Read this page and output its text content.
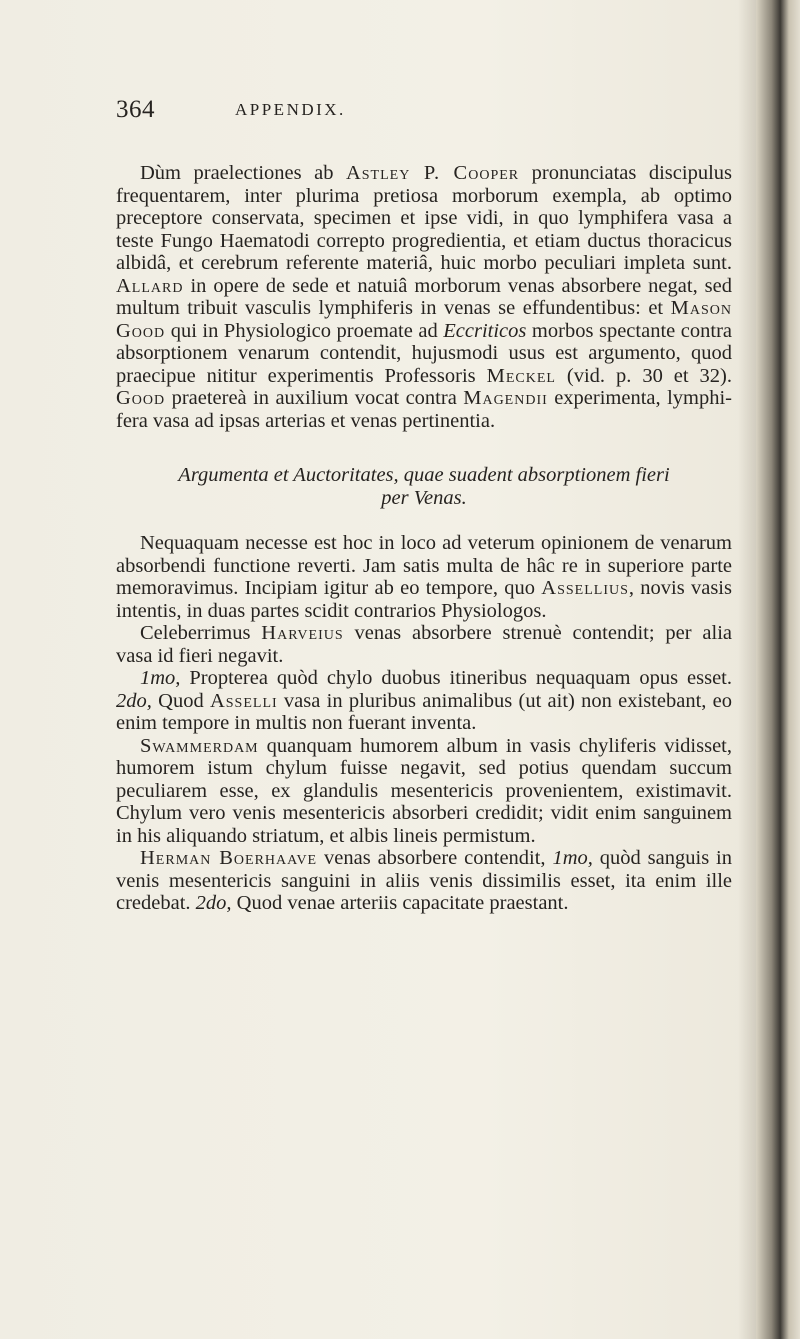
364	APPENDIX.

Dùm praelectiones ab Astley P. Cooper pronunciatas discipulus frequentarem, inter plurima pretiosa morborum exempla, ab optimo preceptore conservata, specimen et ipse vidi, in quo lymphifera vasa a teste Fungo Haematodi correpto progredientia, et etiam ductus thoracicus albidâ, et cerebrum referente materiâ, huic morbo peculiari impleta sunt. Allard in opere de sede et natuiâ morborum venas absorbere negat, sed multum tribuit vasculis lymphiferis in venas se effundentibus: et Mason Good qui in Physiologico proemate ad Eccriticos morbos spectante contra absorptionem venarum contendit, hujusmodi usus est argumento, quod praecipue nititur experimentis Professoris Meckel (vid. p. 30 et 32). Good praetereà in auxilium vocat contra Magendii experimenta, lymphifera vasa ad ipsas arterias et venas pertinentia.

Argumenta et Auctoritates, quae suadent absorptionem fieri
per Venas.

Nequaquam necesse est hoc in loco ad veterum opinionem de venarum absorbendi functione reverti. Jam satis multa de hâc re in superiore parte memoravimus. Incipiam igitur ab eo tempore, quo Assellius, novis vasis intentis, in duas partes scidit contrarios Physiologos.

Celeberrimus Harveius venas absorbere strenuè contendit; per alia vasa id fieri negavit.

1mo, Propterea quòd chylo duobus itineribus nequaquam opus esset. 2do, Quod Asselli vasa in pluribus animalibus (ut ait) non existebant, eo enim tempore in multis non fuerant inventa.

Swammerdam quanquam humorem album in vasis chyliferis vidisset, humorem istum chylum fuisse negavit, sed potius quendam succum peculiarem esse, ex glandulis mesentericis provenientem, existimavit. Chylum vero venis mesentericis absorberi credidit; vidit enim sanguinem in his aliquando striatum, et albis lineis permistum.

Herman Boerhaave venas absorbere contendit, 1mo, quòd sanguis in venis mesentericis sanguini in aliis venis dissimilis esset, ita enim ille credebat. 2do, Quod venae arteriis capacitate praestant.
